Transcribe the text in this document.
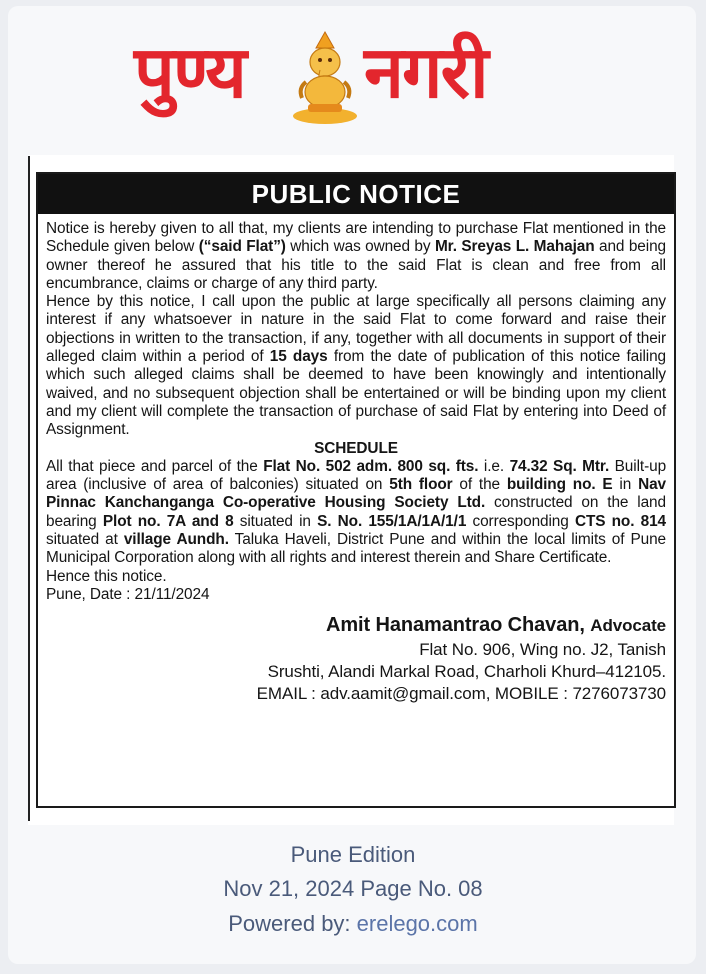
पुण्य नगरी
PUBLIC NOTICE

Notice is hereby given to all that, my clients are intending to purchase Flat mentioned in the Schedule given below (“said Flat”) which was owned by Mr. Sreyas L. Mahajan and being owner thereof he assured that his title to the said Flat is clean and free from all encumbrance, claims or charge of any third party.

Hence by this notice, I call upon the public at large specifically all persons claiming any interest if any whatsoever in nature in the said Flat to come forward and raise their objections in written to the transaction, if any, together with all documents in support of their alleged claim within a period of 15 days from the date of publication of this notice failing which such alleged claims shall be deemed to have been knowingly and intentionally waived, and no subsequent objection shall be entertained or will be binding upon my client and my client will complete the transaction of purchase of said Flat by entering into Deed of Assignment.

SCHEDULE

All that piece and parcel of the Flat No. 502 adm. 800 sq. fts. i.e. 74.32 Sq. Mtr. Built-up area (inclusive of area of balconies) situated on 5th floor of the building no. E in Nav Pinnac Kanchanganga Co-operative Housing Society Ltd. constructed on the land bearing Plot no. 7A and 8 situated in S. No. 155/1A/1A/1/1 corresponding CTS no. 814 situated at village Aundh. Taluka Haveli, District Pune and within the local limits of Pune Municipal Corporation along with all rights and interest therein and Share Certificate.

Hence this notice.

Pune, Date : 21/11/2024

Amit Hanamantrao Chavan, Advocate
Flat No. 906, Wing no. J2, Tanish
Srushti, Alandi Markal Road, Charholi Khurd–412105.
EMAIL : adv.aamit@gmail.com, MOBILE : 7276073730
Pune Edition
Nov 21, 2024 Page No. 08
Powered by: erelego.com
